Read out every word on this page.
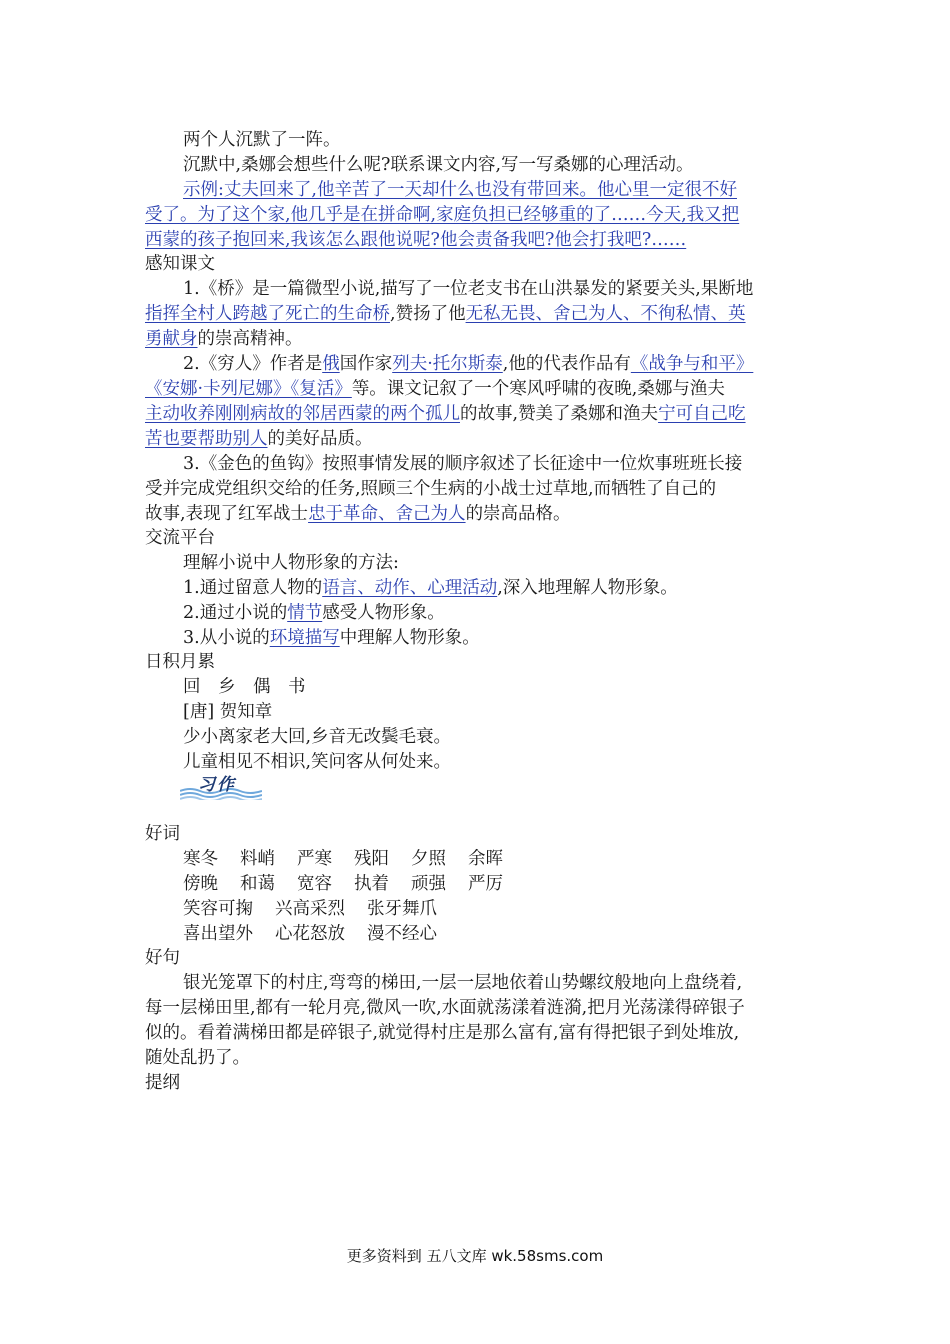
两个人沉默了一阵。
沉默中,桑娜会想些什么呢?联系课文内容,写一写桑娜的心理活动。
示例:丈夫回来了,他辛苦了一天却什么也没有带回来。他心里一定很不好
受了。为了这个家,他几乎是在拼命啊,家庭负担已经够重的了……今天,我又把
西蒙的孩子抱回来,我该怎么跟他说呢?他会责备我吧?他会打我吧?……
感知课文
1.《桥》是一篇微型小说,描写了一位老支书在山洪暴发的紧要关头,果断地
指挥全村人跨越了死亡的生命桥,赞扬了他无私无畏、舍己为人、不徇私情、英
勇献身的崇高精神。
2.《穷人》作者是俄国作家列夫·托尔斯泰,他的代表作品有《战争与和平》
《安娜·卡列尼娜》《复活》等。课文记叙了一个寒风呼啸的夜晚,桑娜与渔夫
主动收养刚刚病故的邻居西蒙的两个孤儿的故事,赞美了桑娜和渔夫宁可自己吃
苦也要帮助别人的美好品质。
3.《金色的鱼钩》按照事情发展的顺序叙述了长征途中一位炊事班班长接
受并完成党组织交给的任务,照顾三个生病的小战士过草地,而牺牲了自己的
故事,表现了红军战士忠于革命、舍己为人的崇高品格。
交流平台
理解小说中人物形象的方法:
1.通过留意人物的语言、动作、心理活动,深入地理解人物形象。
2.通过小说的情节感受人物形象。
3.从小说的环境描写中理解人物形象。
日积月累
回　乡　偶　书
[唐] 贺知章
少小离家老大回,乡音无改鬓毛衰。
儿童相见不相识,笑问客从何处来。
习作
好词
寒冬 料峭 严寒 残阳 夕照 余晖
傍晚 和蔼 宽容 执着 顽强 严厉
笑容可掬 兴高采烈 张牙舞爪
喜出望外 心花怒放 漫不经心
好句
银光笼罩下的村庄,弯弯的梯田,一层一层地依着山势螺纹般地向上盘绕着,
每一层梯田里,都有一轮月亮,微风一吹,水面就荡漾着涟漪,把月光荡漾得碎银子
似的。看着满梯田都是碎银子,就觉得村庄是那么富有,富有得把银子到处堆放,
随处乱扔了。
提纲
更多资料到 五八文库 wk.58sms.com
